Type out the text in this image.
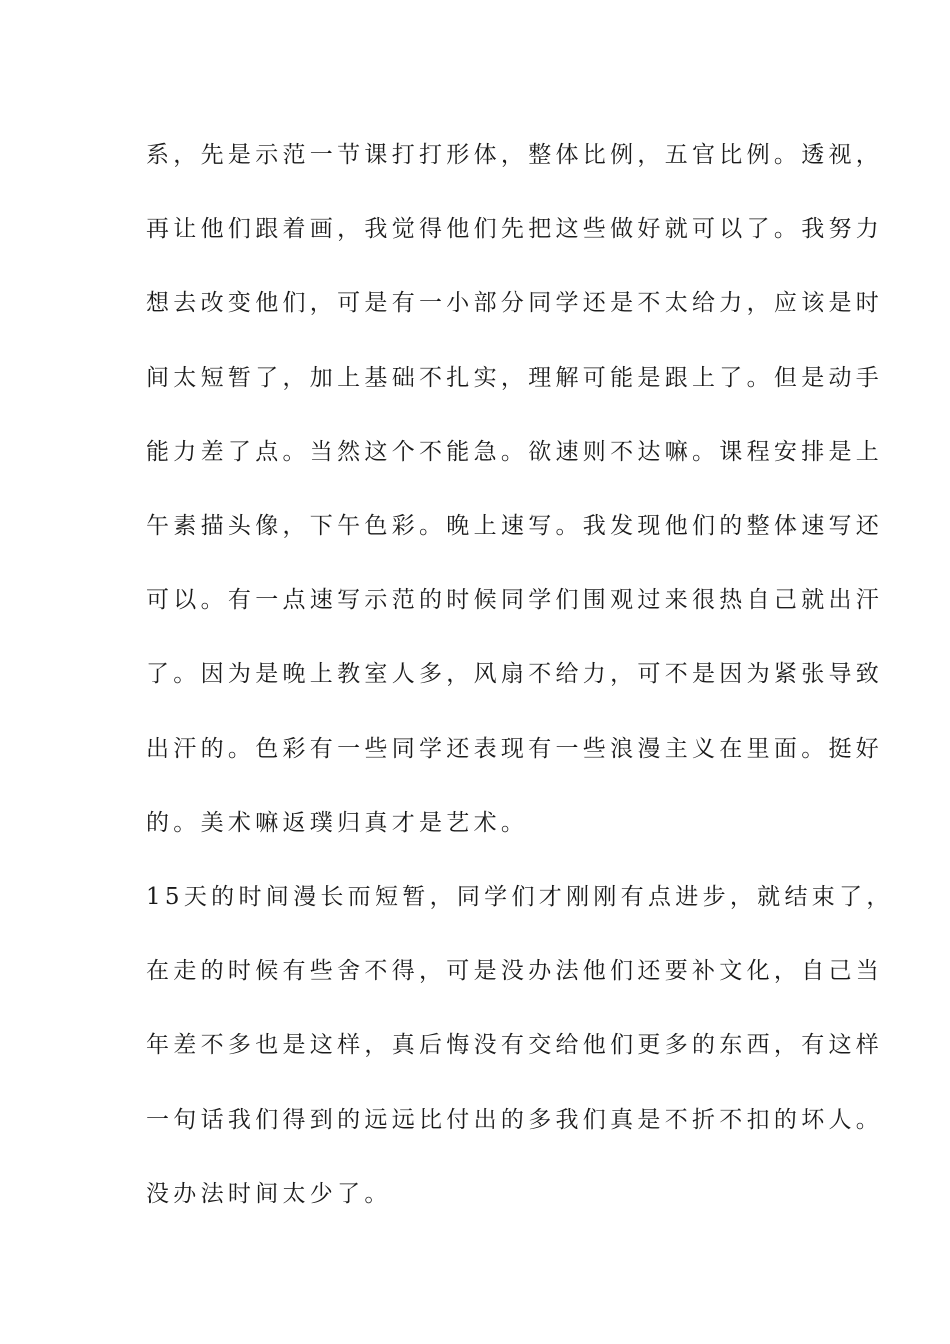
系，先是示范一节课打打形体，整体比例，五官比例。透视，
再让他们跟着画，我觉得他们先把这些做好就可以了。我努力
想去改变他们，可是有一小部分同学还是不太给力，应该是时
间太短暂了，加上基础不扎实，理解可能是跟上了。但是动手
能力差了点。当然这个不能急。欲速则不达嘛。课程安排是上
午素描头像，下午色彩。晚上速写。我发现他们的整体速写还
可以。有一点速写示范的时候同学们围观过来很热自己就出汗
了。因为是晚上教室人多，风扇不给力，可不是因为紧张导致
出汗的。色彩有一些同学还表现有一些浪漫主义在里面。挺好
的。美术嘛返璞归真才是艺术。
15天的时间漫长而短暂，同学们才刚刚有点进步，就结束了，
在走的时候有些舍不得，可是没办法他们还要补文化，自己当
年差不多也是这样，真后悔没有交给他们更多的东西，有这样
一句话我们得到的远远比付出的多我们真是不折不扣的坏人。
没办法时间太少了。
